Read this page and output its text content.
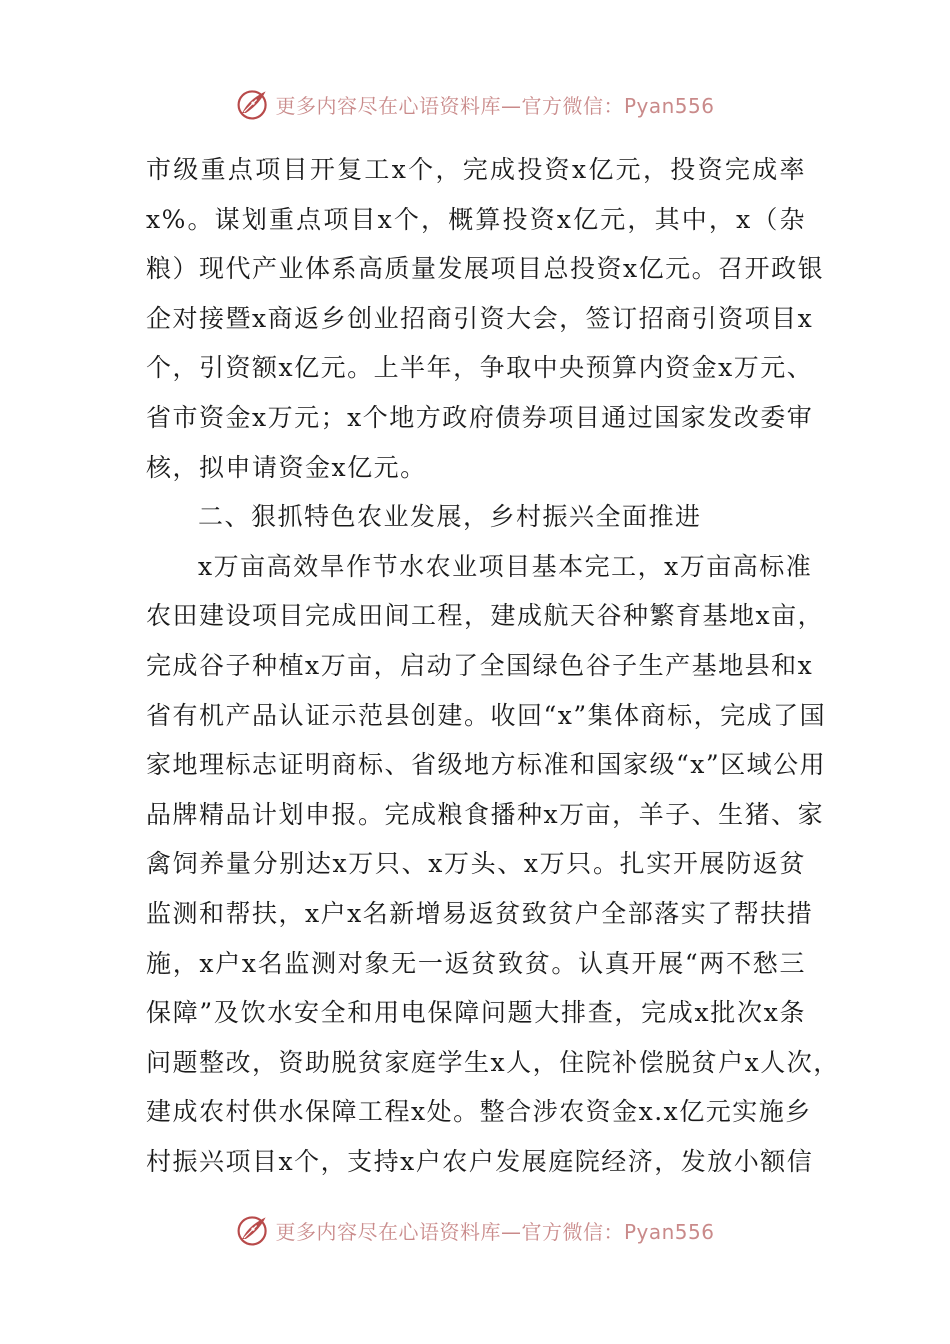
更多内容尽在心语资料库—官方微信：Pyan556
市级重点项目开复工x个，完成投资x亿元，投资完成率
x%。谋划重点项目x个，概算投资x亿元，其中，x（杂
粮）现代产业体系高质量发展项目总投资x亿元。召开政银
企对接暨x商返乡创业招商引资大会，签订招商引资项目x
个，引资额x亿元。上半年，争取中央预算内资金x万元、
省市资金x万元；x个地方政府债券项目通过国家发改委审
核，拟申请资金x亿元。
二、狠抓特色农业发展，乡村振兴全面推进
x万亩高效旱作节水农业项目基本完工，x万亩高标准
农田建设项目完成田间工程，建成航天谷种繁育基地x亩，
完成谷子种植x万亩，启动了全国绿色谷子生产基地县和x
省有机产品认证示范县创建。收回“x”集体商标，完成了国
家地理标志证明商标、省级地方标准和国家级“x”区域公用
品牌精品计划申报。完成粮食播种x万亩，羊子、生猪、家
禽饲养量分别达x万只、x万头、x万只。扎实开展防返贫
监测和帮扶，x户x名新增易返贫致贫户全部落实了帮扶措
施，x户x名监测对象无一返贫致贫。认真开展“两不愁三
保障”及饮水安全和用电保障问题大排查，完成x批次x条
问题整改，资助脱贫家庭学生x人，住院补偿脱贫户x人次，
建成农村供水保障工程x处。整合涉农资金x.x亿元实施乡
村振兴项目x个，支持x户农户发展庭院经济，发放小额信
更多内容尽在心语资料库—官方微信：Pyan556
